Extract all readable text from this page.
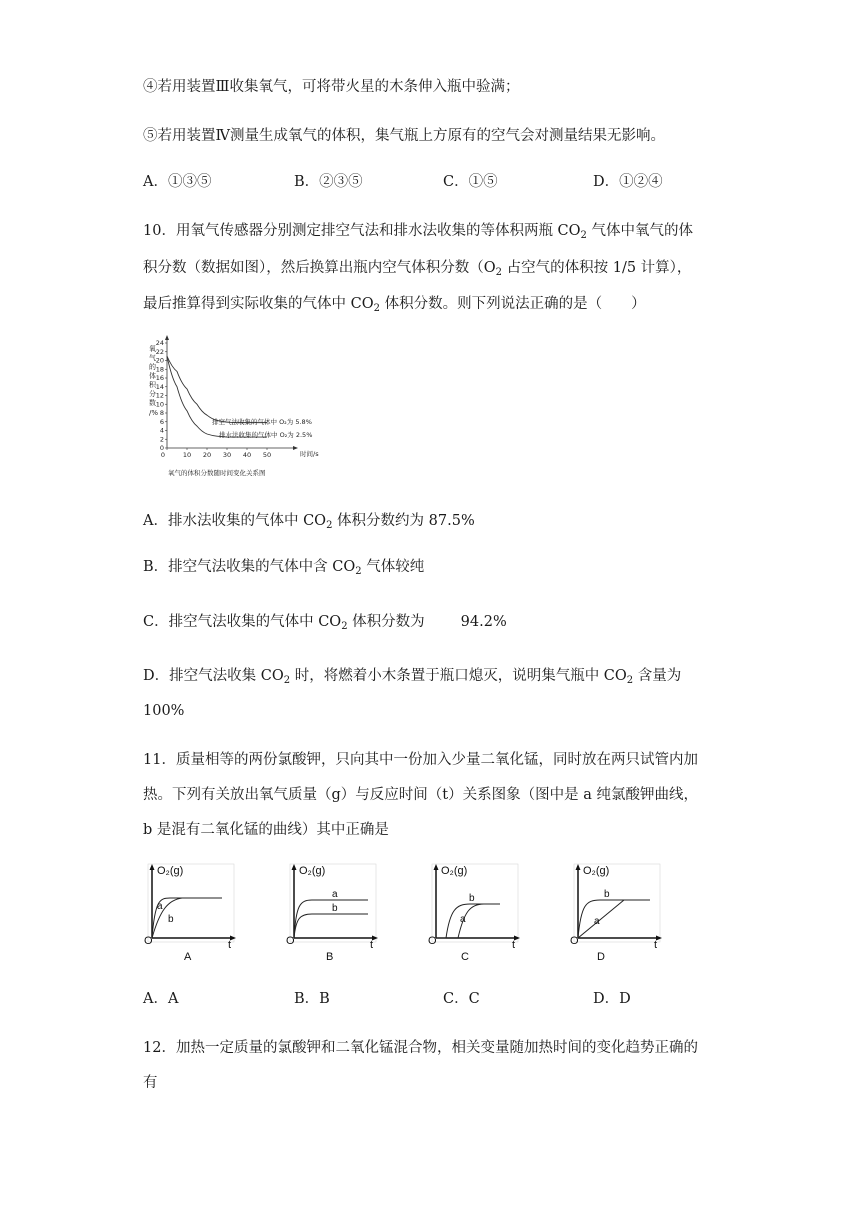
④若用装置Ⅲ收集氧气，可将带火星的木条伸入瓶中验满；
⑤若用装置Ⅳ测量生成氧气的体积，集气瓶上方原有的空气会对测量结果无影响。
A．①③⑤	B．②③⑤	C．①⑤	D．①②④
10．用氧气传感器分别测定排空气法和排水法收集的等体积两瓶 $CO_2$ 气体中氧气的体
积分数（数据如图），然后换算出瓶内空气体积分数（$O_2$ 占空气的体积按 1/5 计算），
最后推算得到实际收集的气体中 $CO_2$ 体积分数。则下列说法正确的是（　　）
氧
气
的
体
积
分
数
/%
0
2
4
6
8
10
12
14
16
18
20
22
24
0	10 20 30 40 50	时间/s
氧气的体积分数随时间变化关系图
排空气法收集的气体中 O₂为 5.8%
排水法收集的气体中 O₂为 2.5%
A．排水法收集的气体中 $CO_2$ 体积分数约为 87.5%
B．排空气法收集的气体中含 $CO_2$ 气体较纯
C．排空气法收集的气体中 $CO_2$ 体积分数为 94.2%
D．排空气法收集 $CO_2$ 时，将燃着小木条置于瓶口熄灭，说明集气瓶中 $CO_2$ 含量为
100%
11．质量相等的两份氯酸钾，只向其中一份加入少量二氧化锰，同时放在两只试管内加
热。下列有关放出氧气质量（g）与反应时间（t）关系图象（图中是 a 纯氯酸钾曲线，
b 是混有二氧化锰的曲线）其中正确是
O₂(g)
O	t
a
b
A
O₂(g)
O	t
a
b
B
O₂(g)
O	t
b
a
C
O₂(g)
O	t
b
a
D
A．A	B．B	C．C	D．D
12．加热一定质量的氯酸钾和二氧化锰混合物，相关变量随加热时间的变化趋势正确的
有
